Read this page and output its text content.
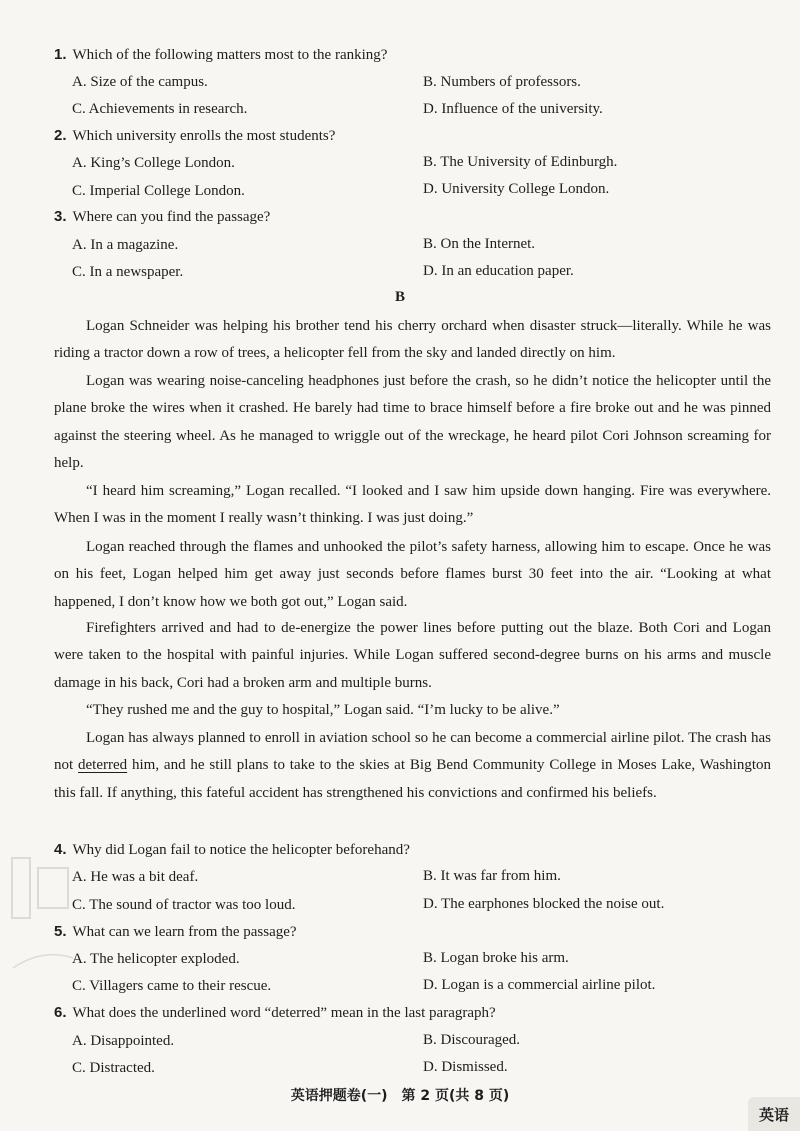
1. Which of the following matters most to the ranking?
A. Size of the campus.	B. Numbers of professors.
C. Achievements in research.	D. Influence of the university.
2. Which university enrolls the most students?
A. King’s College London.	B. The University of Edinburgh.
C. Imperial College London.	D. University College London.
3. Where can you find the passage?
A. In a magazine.	B. On the Internet.
C. In a newspaper.	D. In an education paper.
B

Logan Schneider was helping his brother tend his cherry orchard when disaster struck—literally. While he was riding a tractor down a row of trees, a helicopter fell from the sky and landed directly on him.

Logan was wearing noise-canceling headphones just before the crash, so he didn’t notice the helicopter until the plane broke the wires when it crashed. He barely had time to brace himself before a fire broke out and he was pinned against the steering wheel. As he managed to wriggle out of the wreckage, he heard pilot Cori Johnson screaming for help.

“I heard him screaming,” Logan recalled. “I looked and I saw him upside down hanging. Fire was everywhere. When I was in the moment I really wasn’t thinking. I was just doing.”

Logan reached through the flames and unhooked the pilot’s safety harness, allowing him to escape. Once he was on his feet, Logan helped him get away just seconds before flames burst 30 feet into the air. “Looking at what happened, I don’t know how we both got out,” Logan said.

Firefighters arrived and had to de-energize the power lines before putting out the blaze. Both Cori and Logan were taken to the hospital with painful injuries. While Logan suffered second-degree burns on his arms and muscle damage in his back, Cori had a broken arm and multiple burns.

“They rushed me and the guy to hospital,” Logan said. “I’m lucky to be alive.”

Logan has always planned to enroll in aviation school so he can become a commercial airline pilot. The crash has not deterred him, and he still plans to take to the skies at Big Bend Community College in Moses Lake, Washington this fall. If anything, this fateful accident has strengthened his convictions and confirmed his beliefs.

4. Why did Logan fail to notice the helicopter beforehand?
A. He was a bit deaf.	B. It was far from him.
C. The sound of tractor was too loud.	D. The earphones blocked the noise out.
5. What can we learn from the passage?
A. The helicopter exploded.	B. Logan broke his arm.
C. Villagers came to their rescue.	D. Logan is a commercial airline pilot.
6. What does the underlined word “deterred” mean in the last paragraph?
A. Disappointed.	B. Discouraged.
C. Distracted.	D. Dismissed.
英语押题卷(一)　第 2 页(共 8 页)
英语
